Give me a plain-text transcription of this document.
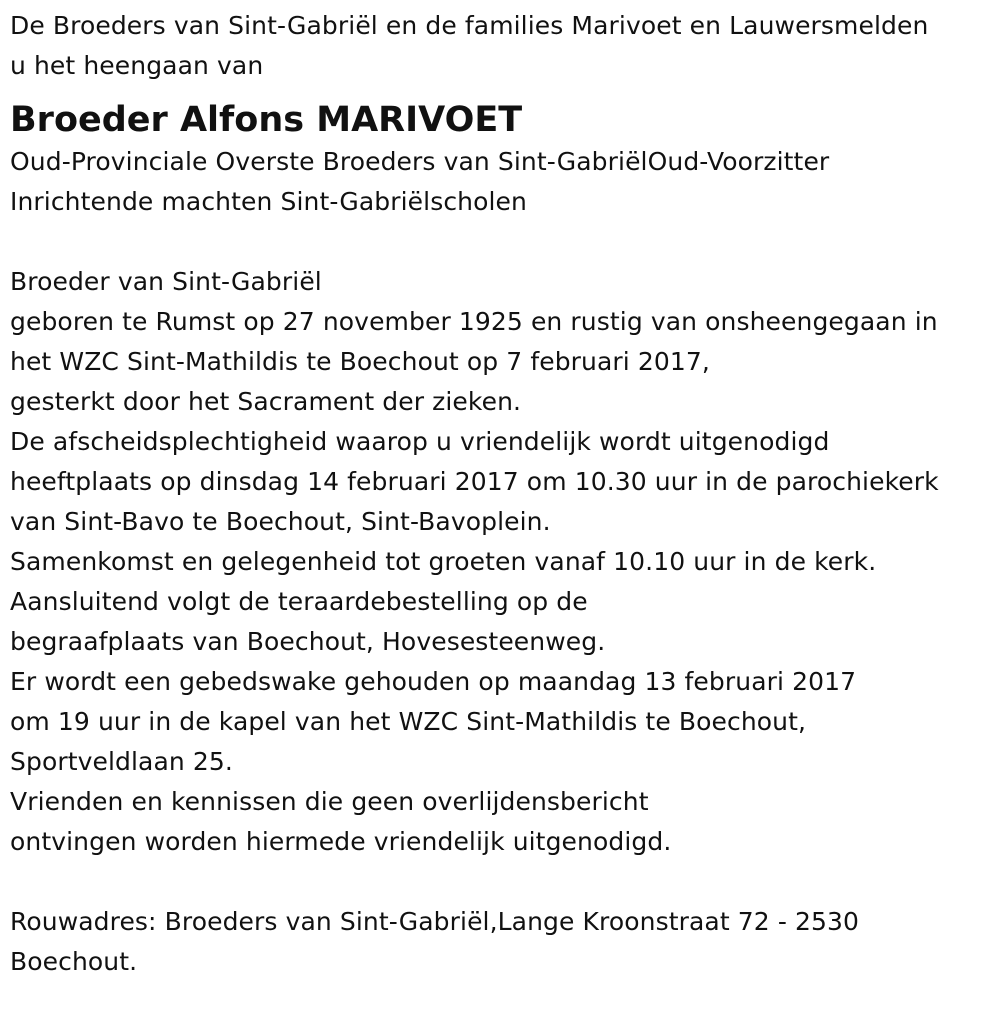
De Broeders van Sint-Gabriël en de families Marivoet en Lauwersmelden
u het heengaan van
Broeder Alfons MARIVOET
Oud-Provinciale Overste Broeders van Sint-GabriëlOud-Voorzitter
Inrichtende machten Sint-Gabriëlscholen
Broeder van Sint-Gabriël
geboren te Rumst op 27 november 1925 en rustig van onsheengegaan in
het WZC Sint-Mathildis te Boechout op 7 februari 2017,
gesterkt door het Sacrament der zieken.
De afscheidsplechtigheid waarop u vriendelijk wordt uitgenodigd
heeftplaats op dinsdag 14 februari 2017 om 10.30 uur in de parochiekerk
van Sint-Bavo te Boechout, Sint-Bavoplein.
Samenkomst en gelegenheid tot groeten vanaf 10.10 uur in de kerk.
Aansluitend volgt de teraardebestelling op de
begraafplaats van Boechout, Hovesesteenweg.
Er wordt een gebedswake gehouden op maandag 13 februari 2017
om 19 uur in de kapel van het WZC Sint-Mathildis te Boechout,
Sportveldlaan 25.
Vrienden en kennissen die geen overlijdensbericht
ontvingen worden hiermede vriendelijk uitgenodigd.
Rouwadres: Broeders van Sint-Gabriël,Lange Kroonstraat 72 - 2530
Boechout.
